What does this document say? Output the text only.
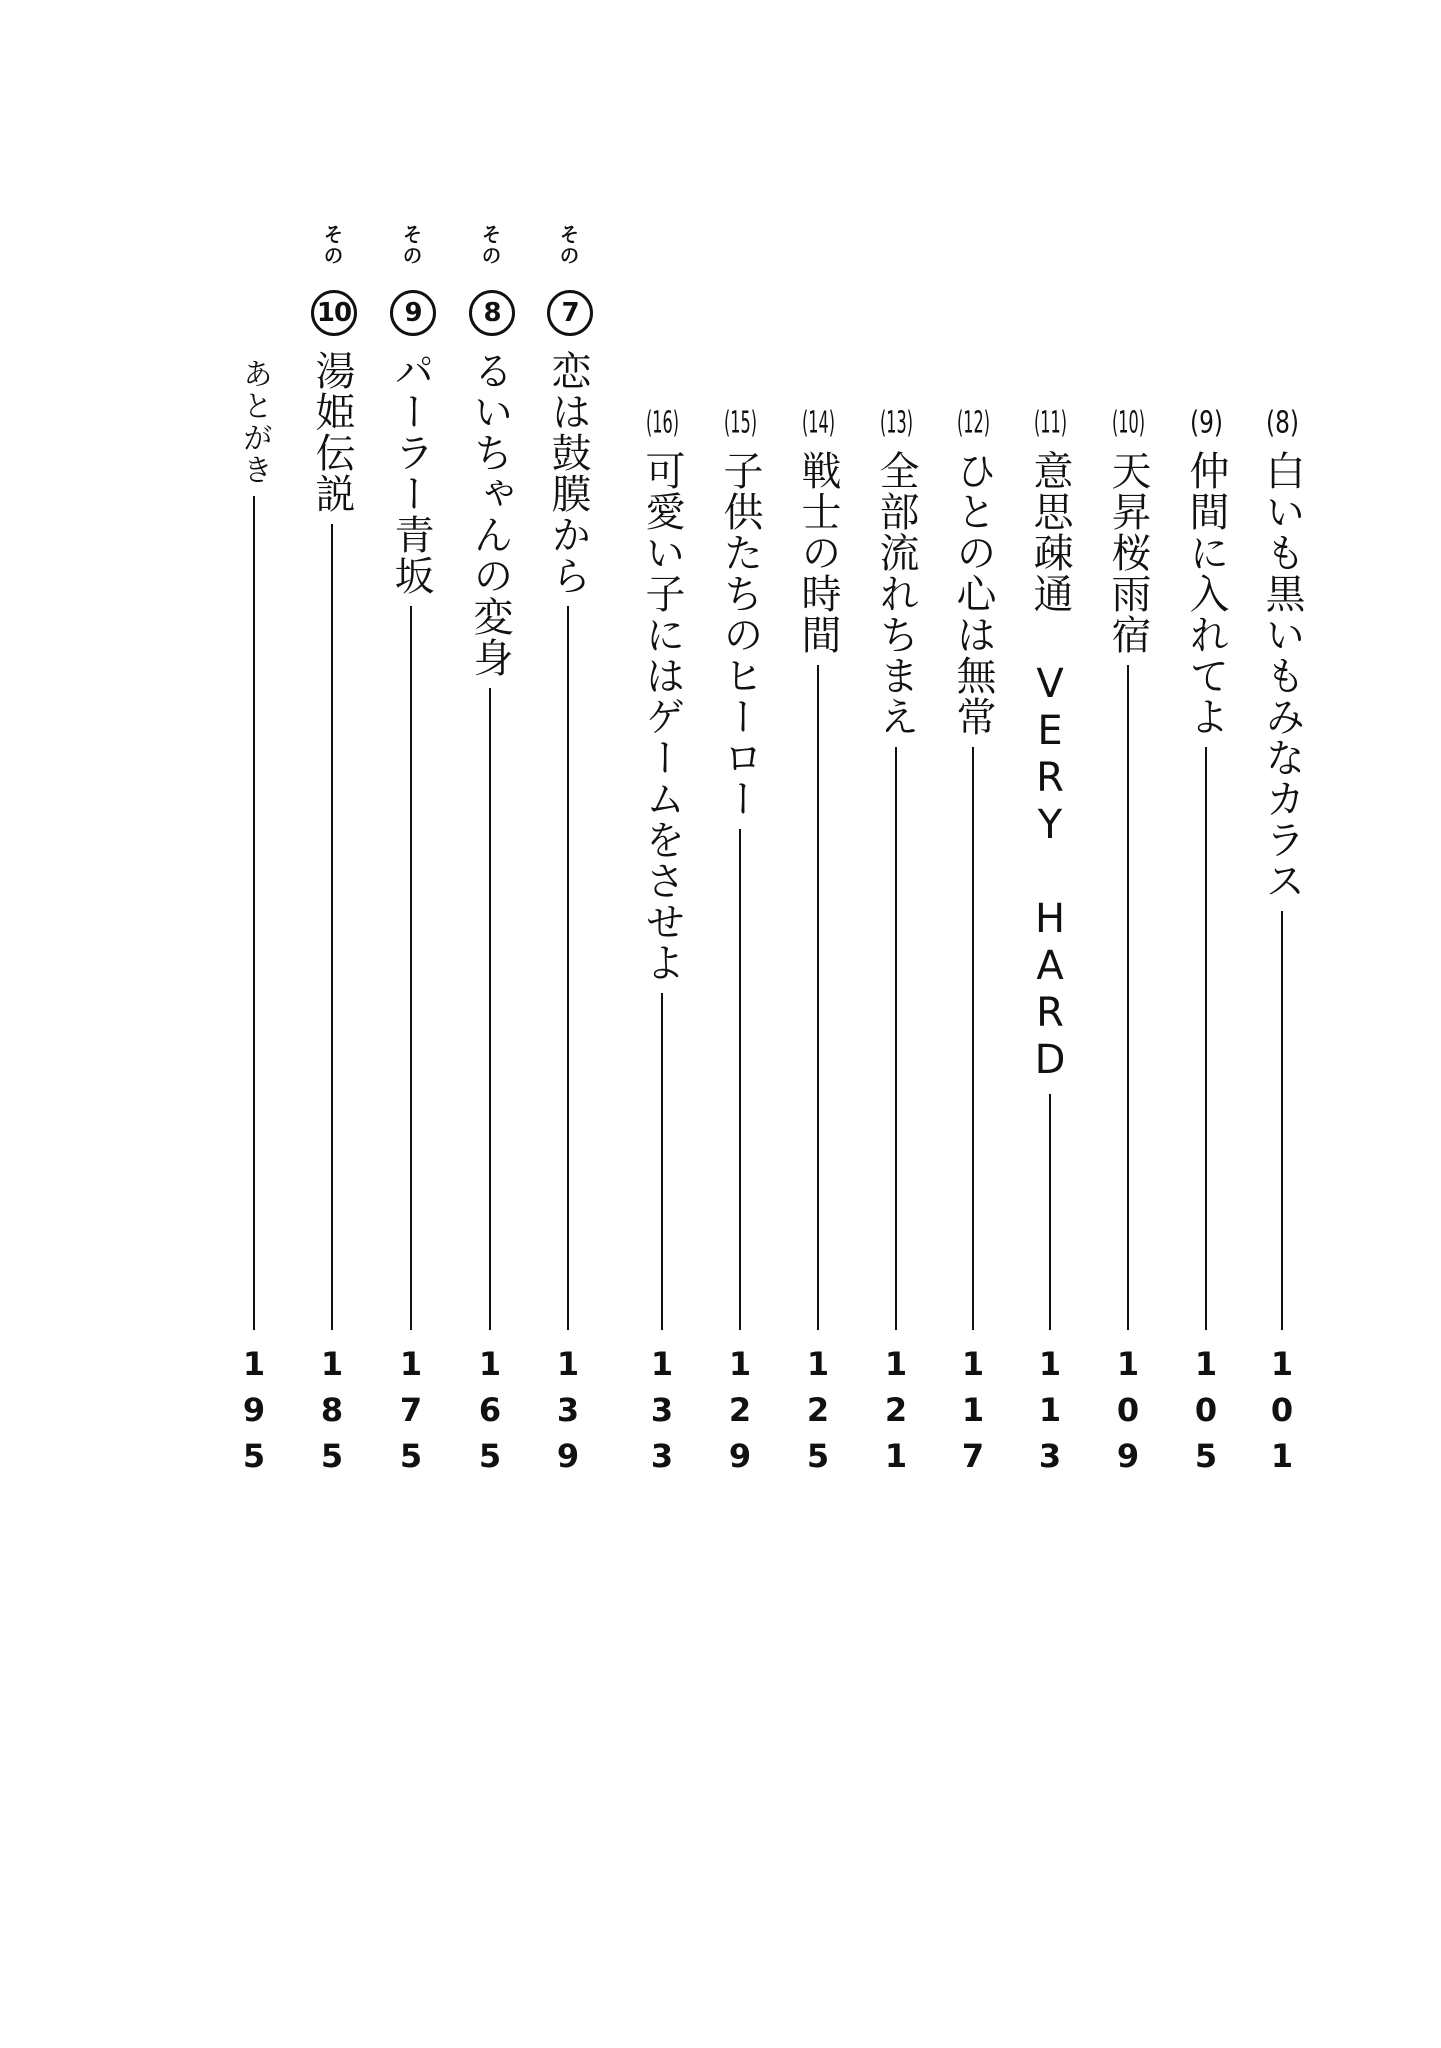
(8)白いも黒いもみなカラス
101
(9)仲間に入れてよ
105
(10)天昇桜雨宿
109
(11)意思疎通 VERY HARD
113
(12)ひとの心は無常
117
(13)全部流れちまえ
121
(14)戦士の時間
125
(15)子供たちのヒーロー
129
(16)可愛い子にはゲームをさせよ
133
その
7
恋は鼓膜から
139
その
8
るいちゃんの変身
165
その
9
パーラー青坂
175
その
10
湯姫伝説
185
あとがき
195
